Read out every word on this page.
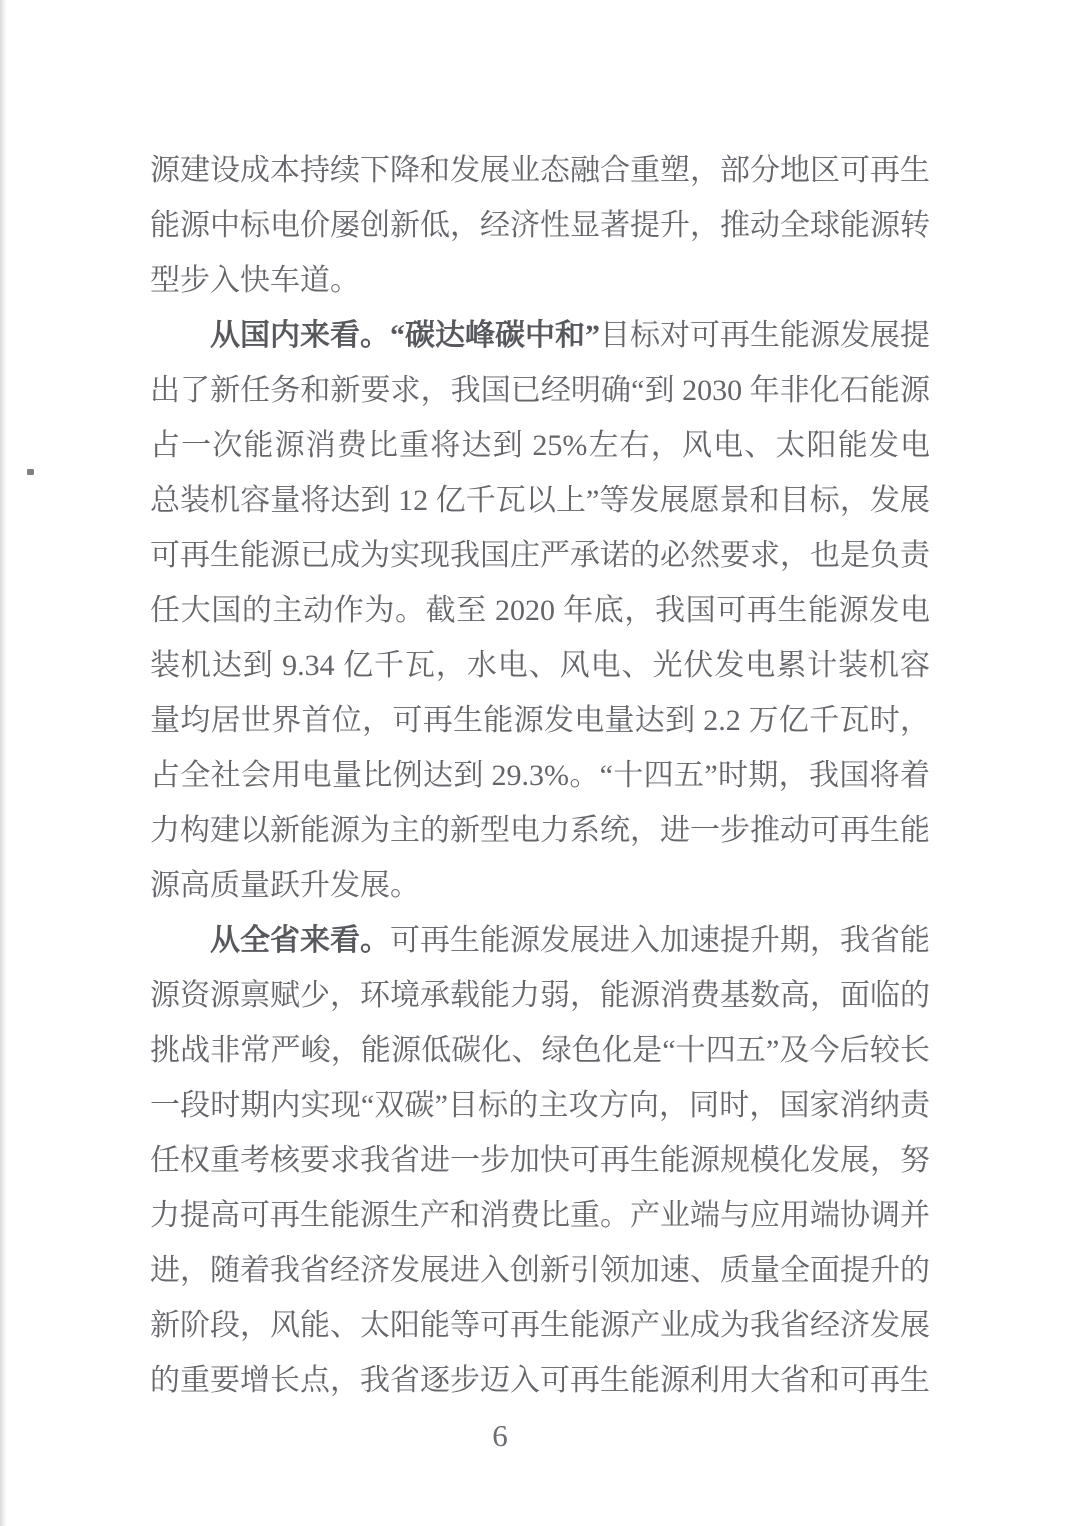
源建设成本持续下降和发展业态融合重塑，部分地区可再生能源中标电价屡创新低，经济性显著提升，推动全球能源转型步入快车道。

从国内来看。“碳达峰碳中和”目标对可再生能源发展提出了新任务和新要求，我国已经明确“到 2030 年非化石能源占一次能源消费比重将达到 25%左右，风电、太阳能发电总装机容量将达到 12 亿千瓦以上”等发展愿景和目标，发展可再生能源已成为实现我国庄严承诺的必然要求，也是负责任大国的主动作为。截至 2020 年底，我国可再生能源发电装机达到 9.34 亿千瓦，水电、风电、光伏发电累计装机容量均居世界首位，可再生能源发电量达到 2.2 万亿千瓦时，占全社会用电量比例达到 29.3%。“十四五”时期，我国将着力构建以新能源为主的新型电力系统，进一步推动可再生能源高质量跃升发展。

从全省来看。可再生能源发展进入加速提升期，我省能源资源禀赋少，环境承载能力弱，能源消费基数高，面临的挑战非常严峻，能源低碳化、绿色化是“十四五”及今后较长一段时期内实现“双碳”目标的主攻方向，同时，国家消纳责任权重考核要求我省进一步加快可再生能源规模化发展，努力提高可再生能源生产和消费比重。产业端与应用端协调并进，随着我省经济发展进入创新引领加速、质量全面提升的新阶段，风能、太阳能等可再生能源产业成为我省经济发展的重要增长点，我省逐步迈入可再生能源利用大省和可再生

6
